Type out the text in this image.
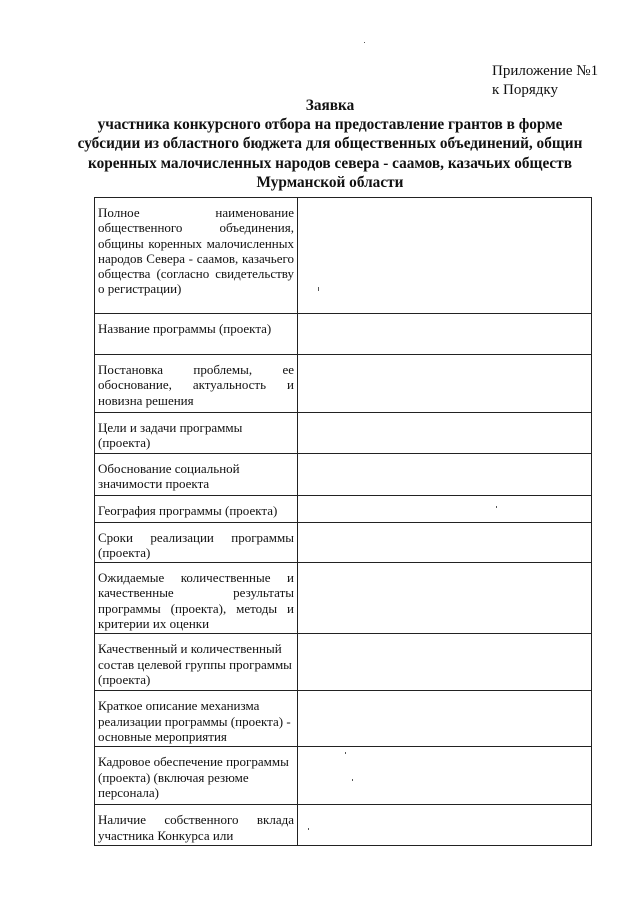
Приложение №1
к Порядку
Заявка
участника конкурсного отбора на предоставление грантов в форме
субсидии из областного бюджета для общественных объединений, общин
коренных малочисленных народов севера - саамов, казачьих обществ
Мурманской области
Полное наименование общественного объединения, общины коренных малочисленных народов Севера - саамов, казачьего общества (согласно свидетельству о регистрации)	
Название программы (проекта)	
Постановка проблемы, ее обоснование, актуальность и новизна решения	
Цели и задачи программы (проекта)	
Обоснование социальной значимости проекта	
География программы (проекта)	
Сроки реализации программы (проекта)	
Ожидаемые количественные и качественные результаты программы (проекта), методы и критерии их оценки	
Качественный и количественный состав целевой группы программы (проекта)	
Краткое описание механизма реализации программы (проекта) - основные мероприятия	
Кадровое обеспечение программы (проекта) (включая резюме персонала)	
Наличие собственного вклада участника Конкурса или	
